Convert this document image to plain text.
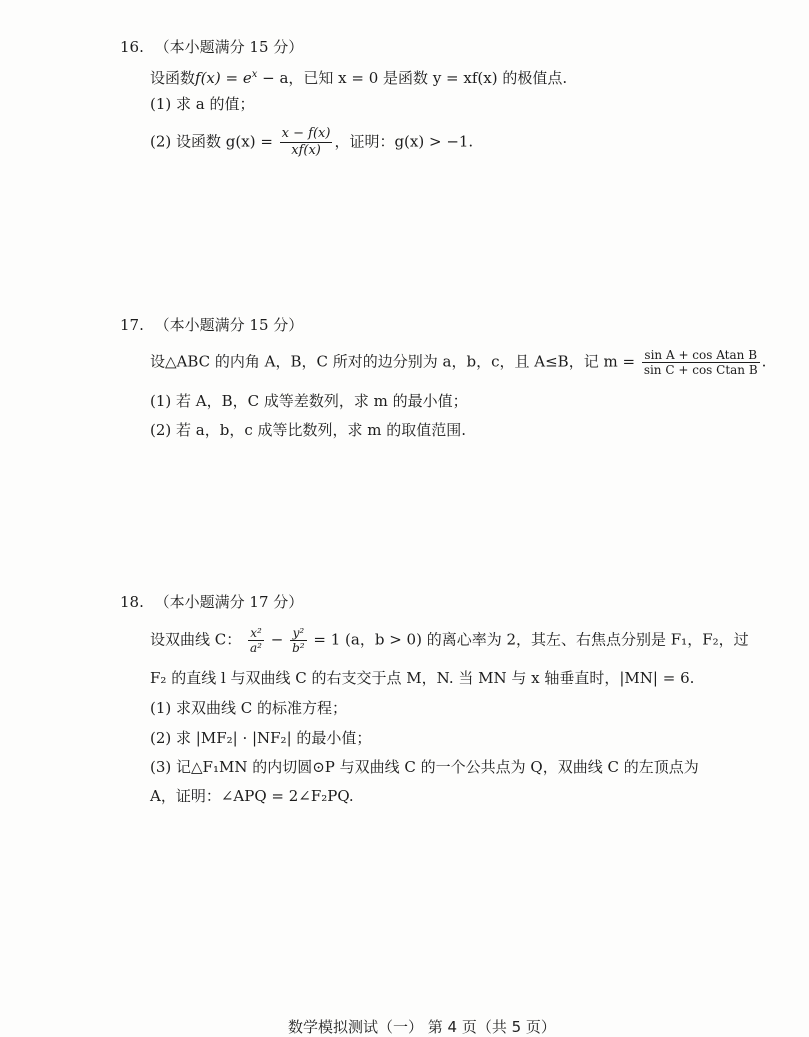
16. （本小题满分 15 分）
设函数$f(x) = e^x - a$，已知 x = 0 是函数 y = xf(x) 的极值点.
(1) 求 a 的值；
(2) 设函数 $g(x) = \frac{x - f(x)}{xf(x)}$ ，证明：g(x) > −1.
17. （本小题满分 15 分）
设△ABC 的内角 A，B，C 所对的边分别为 a，b，c，且 A≤B，记 $m = \frac{\text{sin A + cos Atan B}}{\text{sin C + cos Ctan B}}$ .
(1) 若 A，B，C 成等差数列，求 m 的最小值；
(2) 若 a，b，c 成等比数列，求 m 的取值范围.
18. （本小题满分 17 分）
设双曲线 C： $\frac{\text{x²}}{\text{a²}} - \frac{\text{y²}}{\text{b²}} = 1$ (a，b > 0) 的离心率为 2，其左、右焦点分别是 F₁，F₂，过
F₂ 的直线 l 与双曲线 C 的右支交于点 M，N. 当 MN 与 x 轴垂直时，|MN| = 6.
(1) 求双曲线 C 的标准方程；
(2) 求 |MF₂| · |NF₂| 的最小值；
(3) 记△F₁MN 的内切圆⊙P 与双曲线 C 的一个公共点为 Q，双曲线 C 的左顶点为
A，证明：∠APQ = 2∠F₂PQ.
数学模拟测试（一） 第 4 页（共 5 页）
